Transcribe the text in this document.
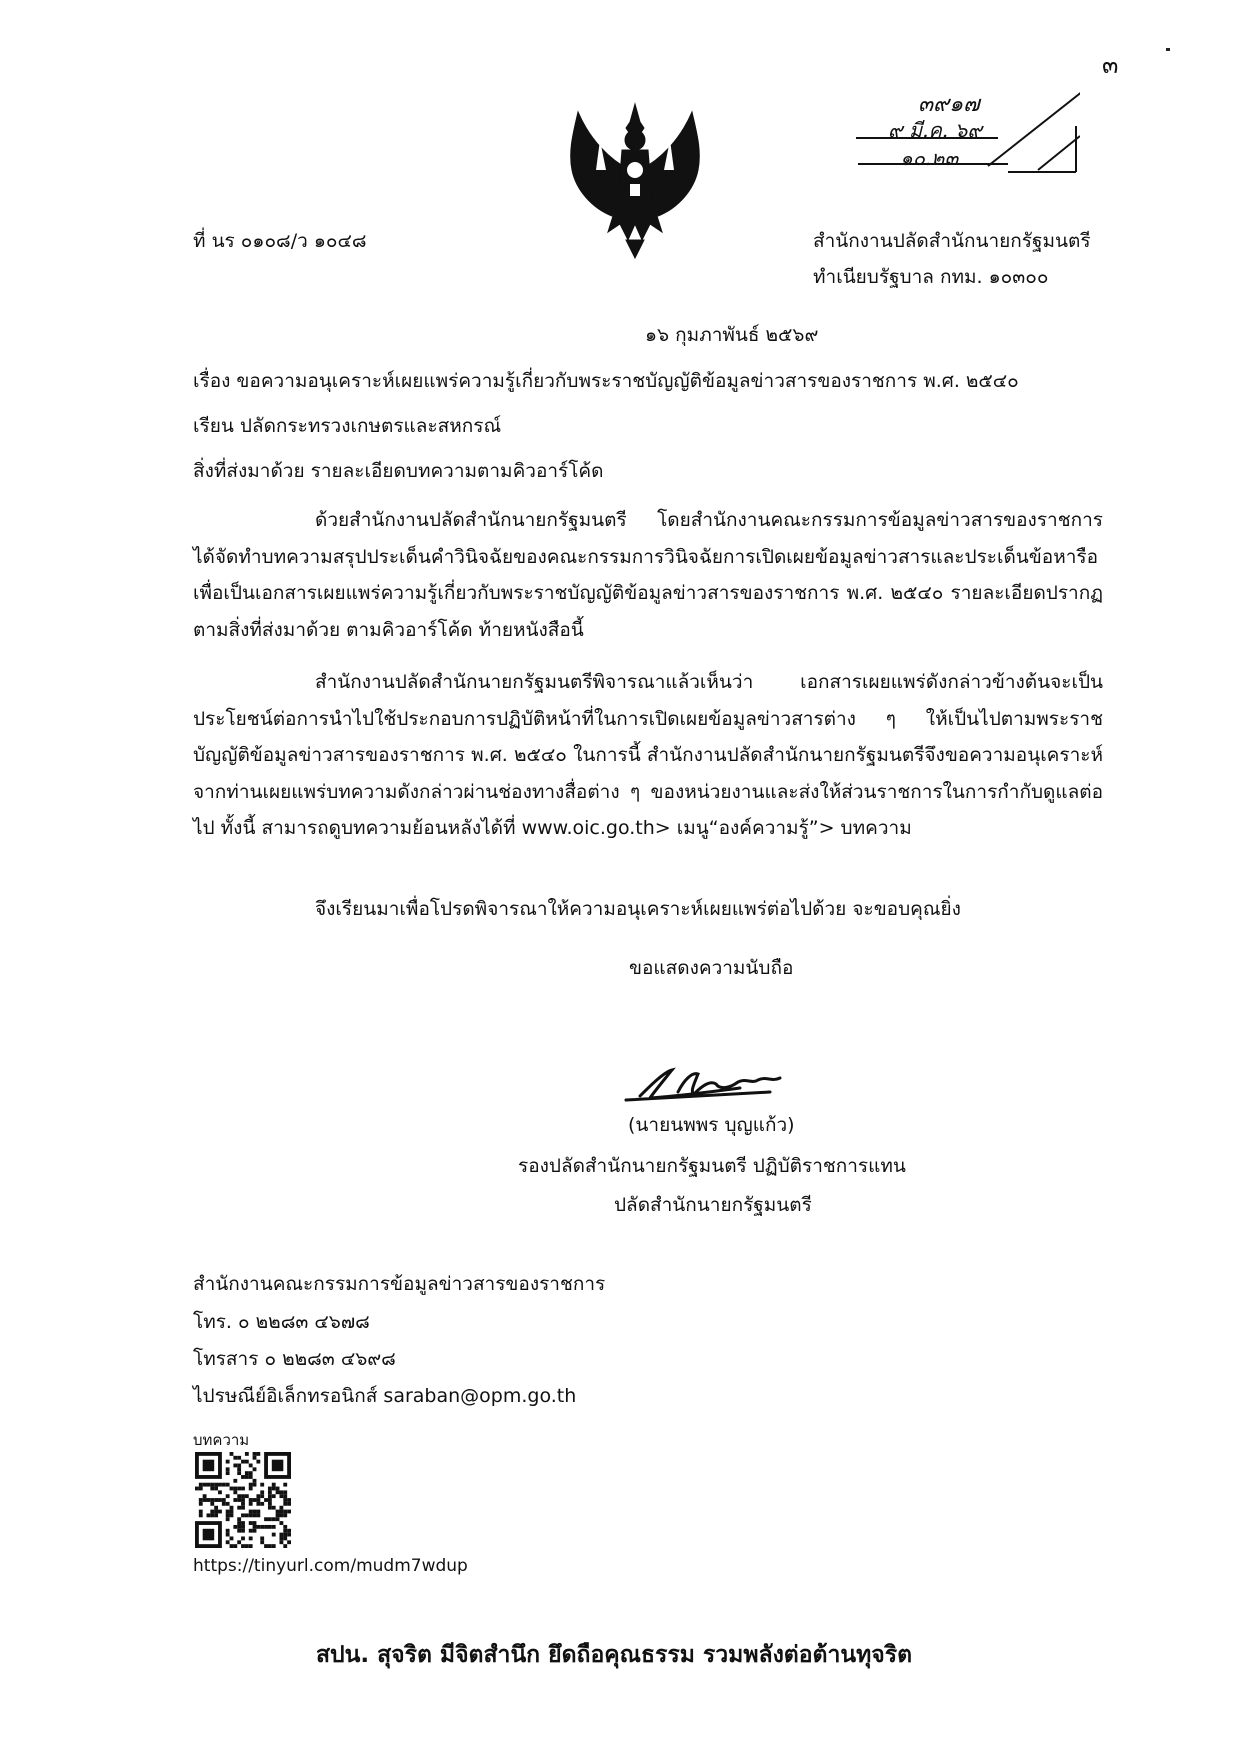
๓
๓๙๑๗
๙ มี.ค. ๖๙
๑๐.๒๓
ที่ นร ๐๑๐๘/ว ๑๐๔๘	สำนักงานปลัดสำนักนายกรัฐมนตรี
ทำเนียบรัฐบาล กทม. ๑๐๓๐๐
๑๖ กุมภาพันธ์ ๒๕๖๙
เรื่อง ขอความอนุเคราะห์เผยแพร่ความรู้เกี่ยวกับพระราชบัญญัติข้อมูลข่าวสารของราชการ พ.ศ. ๒๕๔๐
เรียน ปลัดกระทรวงเกษตรและสหกรณ์
สิ่งที่ส่งมาด้วย รายละเอียดบทความตามคิวอาร์โค้ด
ด้วยสำนักงานปลัดสำนักนายกรัฐมนตรี โดยสำนักงานคณะกรรมการข้อมูลข่าวสารของราชการ ได้จัดทำบทความสรุปประเด็นคำวินิจฉัยของคณะกรรมการวินิจฉัยการเปิดเผยข้อมูลข่าวสารและประเด็นข้อหารือ เพื่อเป็นเอกสารเผยแพร่ความรู้เกี่ยวกับพระราชบัญญัติข้อมูลข่าวสารของราชการ พ.ศ. ๒๕๔๐ รายละเอียดปรากฏตามสิ่งที่ส่งมาด้วย ตามคิวอาร์โค้ด ท้ายหนังสือนี้
สำนักงานปลัดสำนักนายกรัฐมนตรีพิจารณาแล้วเห็นว่า เอกสารเผยแพร่ดังกล่าวข้างต้นจะเป็นประโยชน์ต่อการนำไปใช้ประกอบการปฏิบัติหน้าที่ในการเปิดเผยข้อมูลข่าวสารต่าง ๆ ให้เป็นไปตามพระราชบัญญัติข้อมูลข่าวสารของราชการ พ.ศ. ๒๕๔๐ ในการนี้ สำนักงานปลัดสำนักนายกรัฐมนตรีจึงขอความอนุเคราะห์จากท่านเผยแพร่บทความดังกล่าวผ่านช่องทางสื่อต่าง ๆ ของหน่วยงานและส่งให้ส่วนราชการในการกำกับดูแลต่อไป ทั้งนี้ สามารถดูบทความย้อนหลังได้ที่ www.oic.go.th> เมนู“องค์ความรู้”> บทความ
จึงเรียนมาเพื่อโปรดพิจารณาให้ความอนุเคราะห์เผยแพร่ต่อไปด้วย จะขอบคุณยิ่ง
ขอแสดงความนับถือ
(นายนพพร บุญแก้ว)
รองปลัดสำนักนายกรัฐมนตรี ปฏิบัติราชการแทน
ปลัดสำนักนายกรัฐมนตรี
สำนักงานคณะกรรมการข้อมูลข่าวสารของราชการ
โทร. ๐ ๒๒๘๓ ๔๖๗๘
โทรสาร ๐ ๒๒๘๓ ๔๖๙๘
ไปรษณีย์อิเล็กทรอนิกส์ saraban@opm.go.th
บทความ
https://tinyurl.com/mudm7wdup
สปน. สุจริต มีจิตสำนึก ยึดถือคุณธรรม รวมพลังต่อต้านทุจริต
